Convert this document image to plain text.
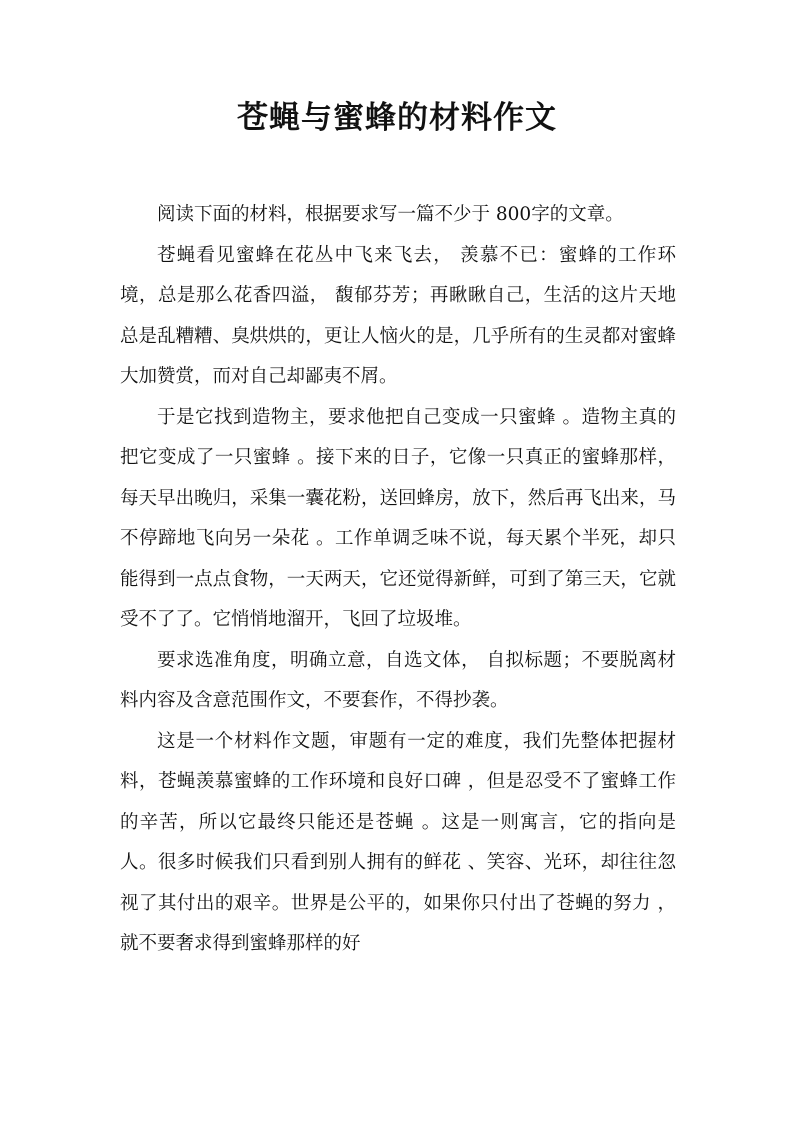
苍蝇与蜜蜂的材料作文

阅读下面的材料，根据要求写一篇不少于 800字的文章。

苍蝇看见蜜蜂在花丛中飞来飞去， 羡慕不已：蜜蜂的工作环境，总是那么花香四溢， 馥郁芬芳；再瞅瞅自己，生活的这片天地总是乱糟糟、臭烘烘的，更让人恼火的是，几乎所有的生灵都对蜜蜂大加赞赏，而对自己却鄙夷不屑。

于是它找到造物主，要求他把自己变成一只蜜蜂 。造物主真的把它变成了一只蜜蜂 。接下来的日子，它像一只真正的蜜蜂那样，每天早出晚归，采集一囊花粉，送回蜂房，放下，然后再飞出来，马不停蹄地飞向另一朵花 。工作单调乏味不说，每天累个半死，却只能得到一点点食物，一天两天，它还觉得新鲜，可到了第三天，它就受不了了。它悄悄地溜开，飞回了垃圾堆。

要求选准角度，明确立意，自选文体， 自拟标题；不要脱离材料内容及含意范围作文，不要套作，不得抄袭。

这是一个材料作文题，审题有一定的难度，我们先整体把握材料，苍蝇羡慕蜜蜂的工作环境和良好口碑 ，但是忍受不了蜜蜂工作的辛苦，所以它最终只能还是苍蝇 。这是一则寓言，它的指向是人。很多时候我们只看到别人拥有的鲜花 、笑容、光环，却往往忽视了其付出的艰辛。世界是公平的，如果你只付出了苍蝇的努力 ，就不要奢求得到蜜蜂那样的好
